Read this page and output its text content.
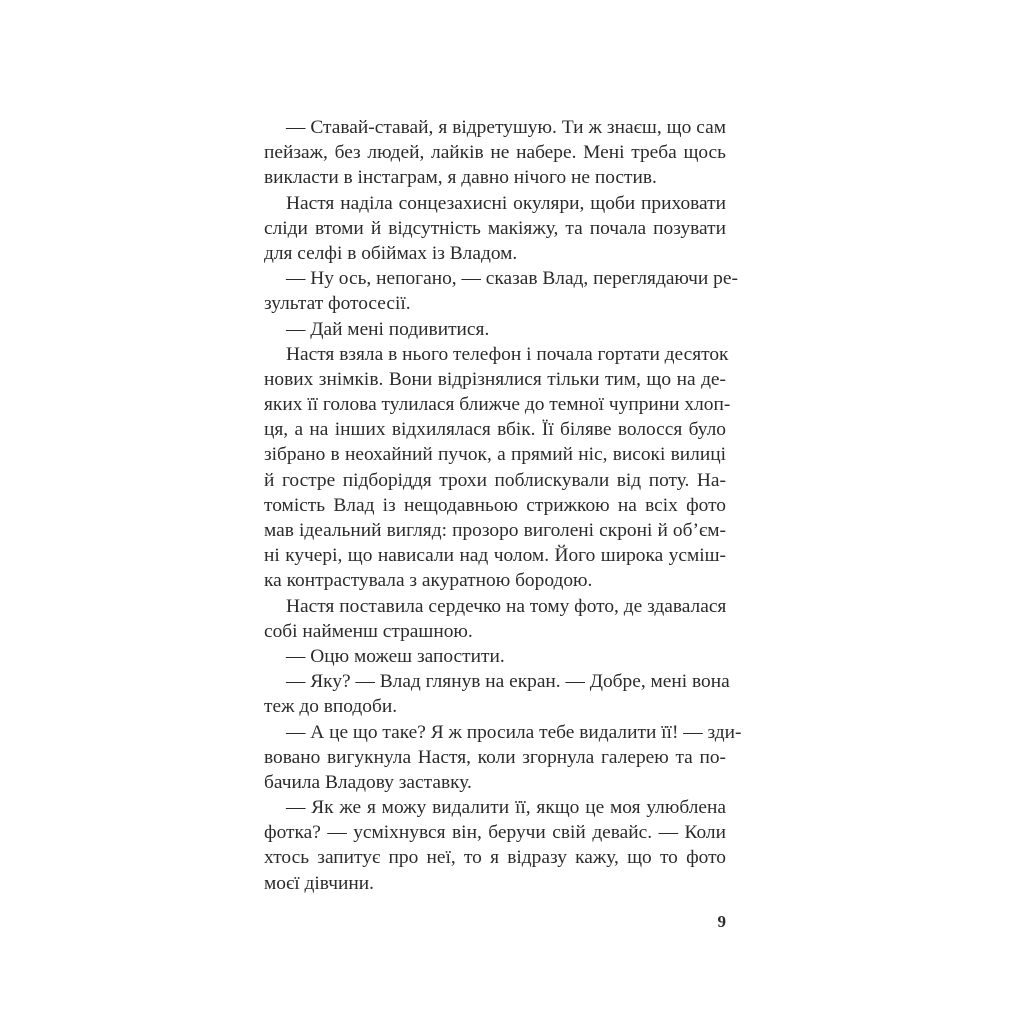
— Ставай-ставай, я відретушую. Ти ж знаєш, що сам
пейзаж, без людей, лайків не набере. Мені треба щось
викласти в інстаграм, я давно нічого не постив.
Настя наділа сонцезахисні окуляри, щоби приховати
сліди втоми й відсутність макіяжу, та почала позувати
для селфі в обіймах із Владом.
— Ну ось, непогано, — сказав Влад, переглядаючи ре-
зультат фотосесії.
— Дай мені подивитися.
Настя взяла в нього телефон і почала гортати десяток
нових знімків. Вони відрізнялися тільки тим, що на де-
яких її голова тулилася ближче до темної чуприни хлоп-
ця, а на інших відхилялася вбік. Її біляве волосся було
зібрано в неохайний пучок, а прямий ніс, високі вилиці
й гостре підборіддя трохи поблискували від поту. На-
томість Влад із нещодавньою стрижкою на всіх фото
мав ідеальний вигляд: прозоро виголені скроні й об’єм-
ні кучері, що нависали над чолом. Його широка усміш-
ка контрастувала з акуратною бородою.
Настя поставила сердечко на тому фото, де здавалася
собі найменш страшною.
— Оцю можеш запостити.
— Яку? — Влад глянув на екран. — Добре, мені вона
теж до вподоби.
— А це що таке? Я ж просила тебе видалити її! — зди-
вовано вигукнула Настя, коли згорнула галерею та по-
бачила Владову заставку.
— Як же я можу видалити її, якщо це моя улюблена
фотка? — усміхнувся він, беручи свій девайс. — Коли
хтось запитує про неї, то я відразу кажу, що то фото
моєї дівчини.
9
